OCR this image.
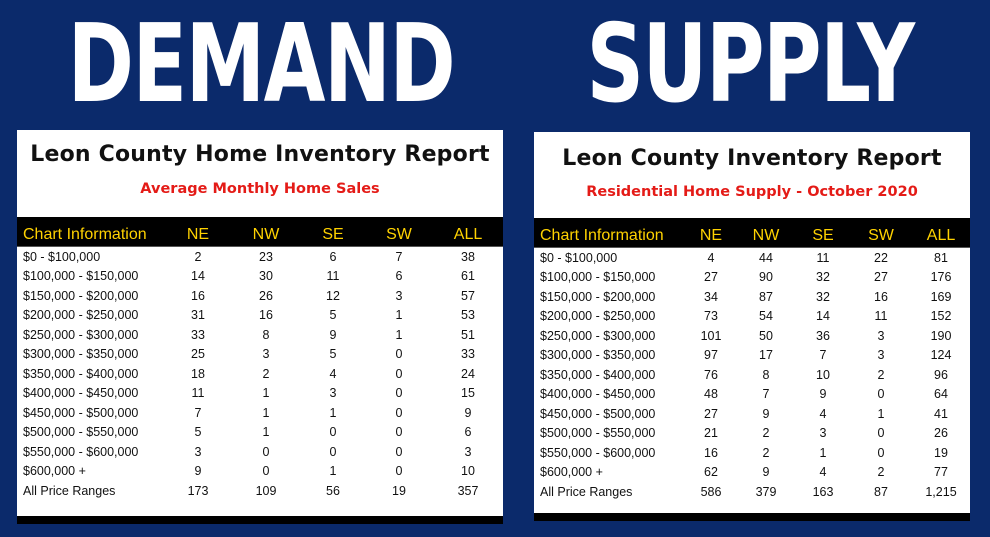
DEMAND SUPPLY
Leon County Home Inventory Report

Average Monthly Home Sales

Chart Information	NE	NW	SE	SW	ALL
$0 - $100,000	2	23	6	7	38
$100,000 - $150,000	14	30	11	6	61
$150,000 - $200,000	16	26	12	3	57
$200,000 - $250,000	31	16	5	1	53
$250,000 - $300,000	33	8	9	1	51
$300,000 - $350,000	25	3	5	0	33
$350,000 - $400,000	18	2	4	0	24
$400,000 - $450,000	11	1	3	0	15
$450,000 - $500,000	7	1	1	0	9
$500,000 - $550,000	5	1	0	0	6
$550,000 - $600,000	3	0	0	0	3
$600,000 +	9	0	1	0	10
All Price Ranges	173	109	56	19	357
Leon County Inventory Report

Residential Home Supply - October 2020

Chart Information	NE	NW	SE	SW	ALL
$0 - $100,000	4	44	11	22	81
$100,000 - $150,000	27	90	32	27	176
$150,000 - $200,000	34	87	32	16	169
$200,000 - $250,000	73	54	14	11	152
$250,000 - $300,000	101	50	36	3	190
$300,000 - $350,000	97	17	7	3	124
$350,000 - $400,000	76	8	10	2	96
$400,000 - $450,000	48	7	9	0	64
$450,000 - $500,000	27	9	4	1	41
$500,000 - $550,000	21	2	3	0	26
$550,000 - $600,000	16	2	1	0	19
$600,000 +	62	9	4	2	77
All Price Ranges	586	379	163	87	1,215
